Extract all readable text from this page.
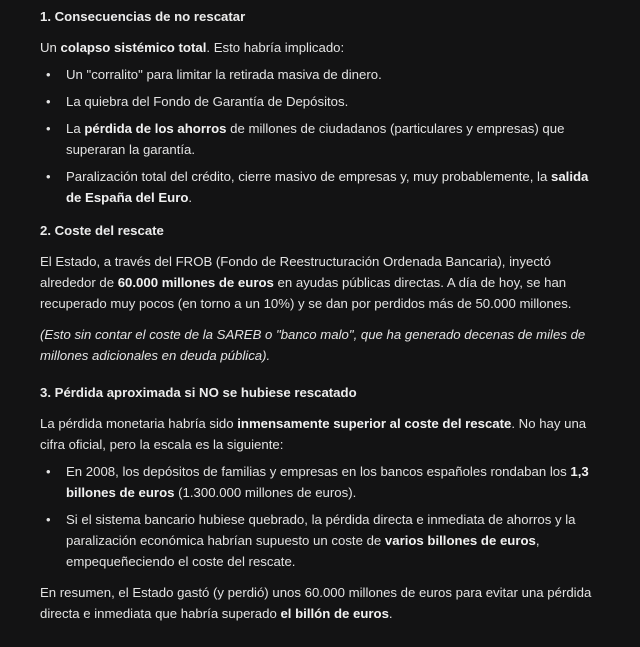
1. Consecuencias de no rescatar

Un colapso sistémico total. Esto habría implicado:

• Un "corralito" para limitar la retirada masiva de dinero.
• La quiebra del Fondo de Garantía de Depósitos.
• La pérdida de los ahorros de millones de ciudadanos (particulares y empresas) que superaran la garantía.
• Paralización total del crédito, cierre masivo de empresas y, muy probablemente, la salida de España del Euro.
2. Coste del rescate

El Estado, a través del FROB (Fondo de Reestructuración Ordenada Bancaria), inyectó alrededor de 60.000 millones de euros en ayudas públicas directas. A día de hoy, se han recuperado muy pocos (en torno a un 10%) y se dan por perdidos más de 50.000 millones.

(Esto sin contar el coste de la SAREB o "banco malo", que ha generado decenas de miles de millones adicionales en deuda pública).

3. Pérdida aproximada si NO se hubiese rescatado

La pérdida monetaria habría sido inmensamente superior al coste del rescate. No hay una cifra oficial, pero la escala es la siguiente:

• En 2008, los depósitos de familias y empresas en los bancos españoles rondaban los 1,3 billones de euros (1.300.000 millones de euros).
• Si el sistema bancario hubiese quebrado, la pérdida directa e inmediata de ahorros y la paralización económica habrían supuesto un coste de varios billones de euros, empequeñeciendo el coste del rescate.

En resumen, el Estado gastó (y perdió) unos 60.000 millones de euros para evitar una pérdida directa e inmediata que habría superado el billón de euros.
